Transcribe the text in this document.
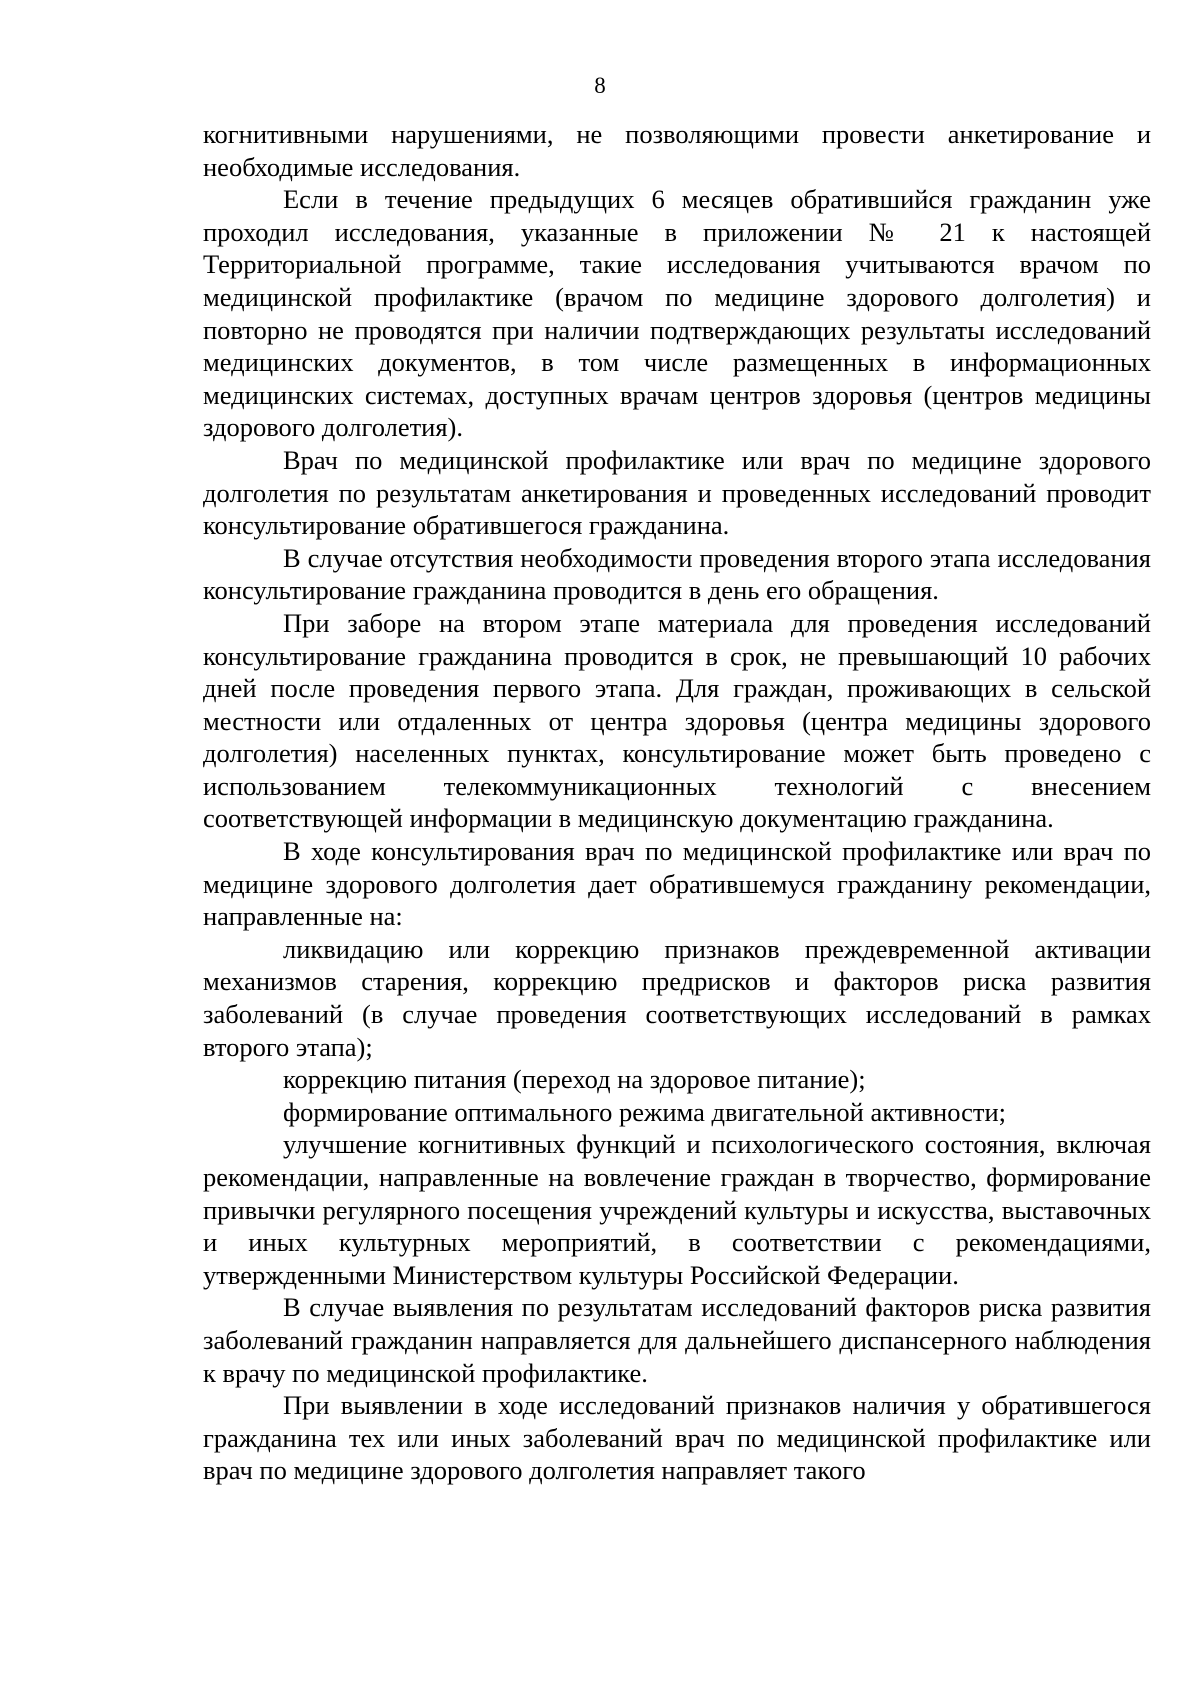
8

когнитивными нарушениями, не позволяющими провести анкетирование и необходимые исследования.

Если в течение предыдущих 6 месяцев обратившийся гражданин уже проходил исследования, указанные в приложении № 21 к настоящей Территориальной программе, такие исследования учитываются врачом по медицинской профилактике (врачом по медицине здорового долголетия) и повторно не проводятся при наличии подтверждающих результаты исследований медицинских документов, в том числе размещенных в информационных медицинских системах, доступных врачам центров здоровья (центров медицины здорового долголетия).

Врач по медицинской профилактике или врач по медицине здорового долголетия по результатам анкетирования и проведенных исследований проводит консультирование обратившегося гражданина.

В случае отсутствия необходимости проведения второго этапа исследования консультирование гражданина проводится в день его обращения.

При заборе на втором этапе материала для проведения исследований консультирование гражданина проводится в срок, не превышающий 10 рабочих дней после проведения первого этапа. Для граждан, проживающих в сельской местности или отдаленных от центра здоровья (центра медицины здорового долголетия) населенных пунктах, консультирование может быть проведено с использованием телекоммуникационных технологий с внесением соответствующей информации в медицинскую документацию гражданина.

В ходе консультирования врач по медицинской профилактике или врач по медицине здорового долголетия дает обратившемуся гражданину рекомендации, направленные на:

ликвидацию или коррекцию признаков преждевременной активации механизмов старения, коррекцию предрисков и факторов риска развития заболеваний (в случае проведения соответствующих исследований в рамках второго этапа);

коррекцию питания (переход на здоровое питание);

формирование оптимального режима двигательной активности;

улучшение когнитивных функций и психологического состояния, включая рекомендации, направленные на вовлечение граждан в творчество, формирование привычки регулярного посещения учреждений культуры и искусства, выставочных и иных культурных мероприятий, в соответствии с рекомендациями, утвержденными Министерством культуры Российской Федерации.

В случае выявления по результатам исследований факторов риска развития заболеваний гражданин направляется для дальнейшего диспансерного наблюдения к врачу по медицинской профилактике.

При выявлении в ходе исследований признаков наличия у обратившегося гражданина тех или иных заболеваний врач по медицинской профилактике или врач по медицине здорового долголетия направляет такого
